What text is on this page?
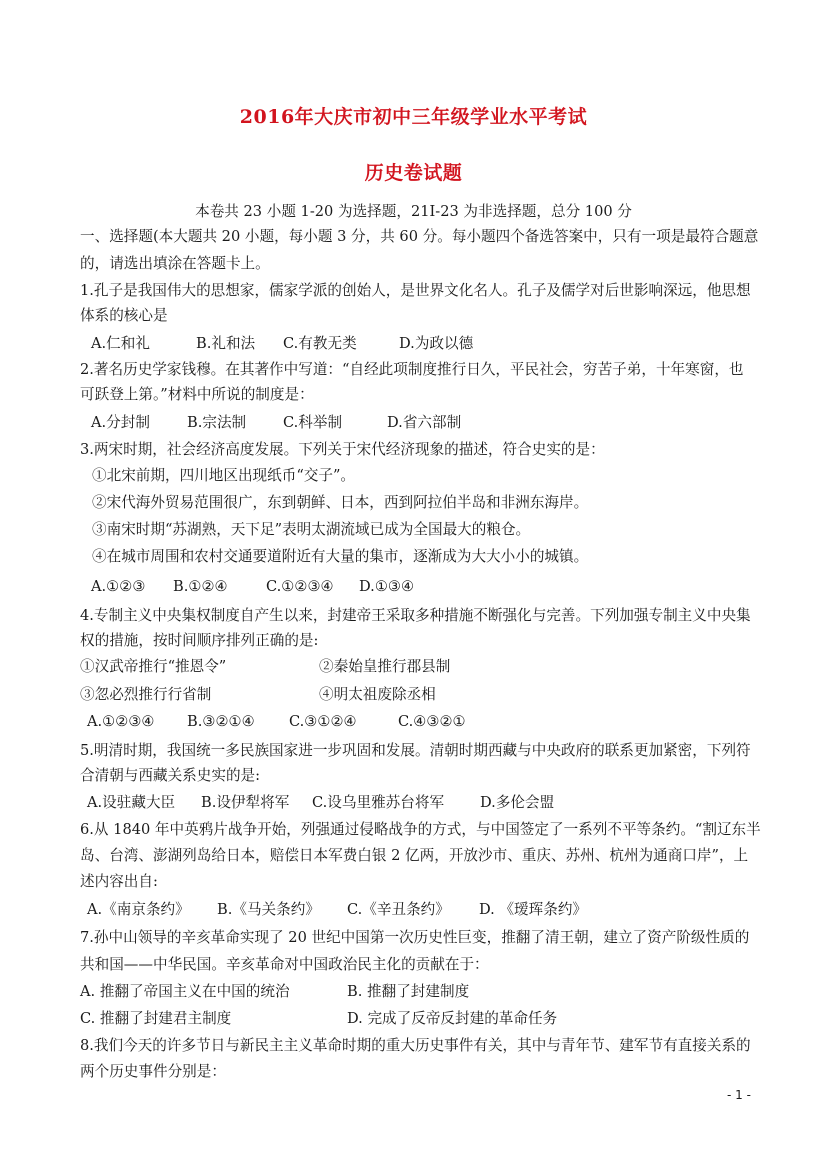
2016年大庆市初中三年级学业水平考试
历史卷试题
本卷共 23 小题 1-20 为选择题，21I-23 为非选择题，总分 100 分
一、选择题(本大题共 20 小题，每小题 3 分，共 60 分。每小题四个备选答案中，只有一项是最符合题意
的，请选出填涂在答题卡上。
1.孔子是我国伟大的思想家，儒家学派的创始人，是世界文化名人。孔子及儒学对后世影响深远，他思想
体系的核心是
A.仁和礼	B.礼和法 C.有教无类	D.为政以德
2.著名历史学家钱穆。在其著作中写道：“自经此项制度推行日久，平民社会，穷苦子弟，十年寒窗，也
可跃登上第。”材料中所说的制度是：
A.分封制	B.宗法制	C.科举制	D.省六部制
3.两宋时期，社会经济高度发展。下列关于宋代经济现象的描述，符合史实的是：
①北宋前期，四川地区出现纸币“交子”。
②宋代海外贸易范围很广，东到朝鲜、日本，西到阿拉伯半岛和非洲东海岸。
③南宋时期“苏湖熟，天下足”表明太湖流域已成为全国最大的粮仓。
④在城市周围和农村交通要道附近有大量的集市，逐渐成为大大小小的城镇。
A.①②③ B.①②④	C.①②③④ D.①③④
4.专制主义中央集权制度自产生以来，封建帝王采取多种措施不断强化与完善。下列加强专制主义中央集
权的措施，按时间顺序排列正确的是:
①汉武帝推行“推恩令”	②秦始皇推行郡县制
③忽必烈推行行省制	④明太祖废除丞相
A.①②③④ B.③②①④ C.③①②④	C.④③②①
5.明清时期，我国统一多民族国家进一步巩固和发展。清朝时期西藏与中央政府的联系更加紧密，下列符
合清朝与西藏关系史实的是:
A.设驻藏大臣 B.设伊犁将军 C.设乌里雅苏台将军 D.多伦会盟
6.从 1840 年中英鸦片战争开始，列强通过侵略战争的方式，与中国签定了一系列不平等条约。“割辽东半
岛、台湾、澎湖列岛给日本，赔偿日本军费白银 2 亿两，开放沙市、重庆、苏州、杭州为通商口岸”，上
述内容出自:
A.《南京条约》 B.《马关条约》 C.《辛丑条约》 D. 《瑷珲条约》
7.孙中山领导的辛亥革命实现了 20 世纪中国第一次历史性巨变，推翻了清王朝，建立了资产阶级性质的
共和国——中华民国。辛亥革命对中国政治民主化的贡献在于：
A. 推翻了帝国主义在中国的统治	B. 推翻了封建制度
C. 推翻了封建君主制度	D. 完成了反帝反封建的革命任务
8.我们今天的许多节日与新民主主义革命时期的重大历史事件有关，其中与青年节、建军节有直接关系的
两个历史事件分别是：
- 1 -
